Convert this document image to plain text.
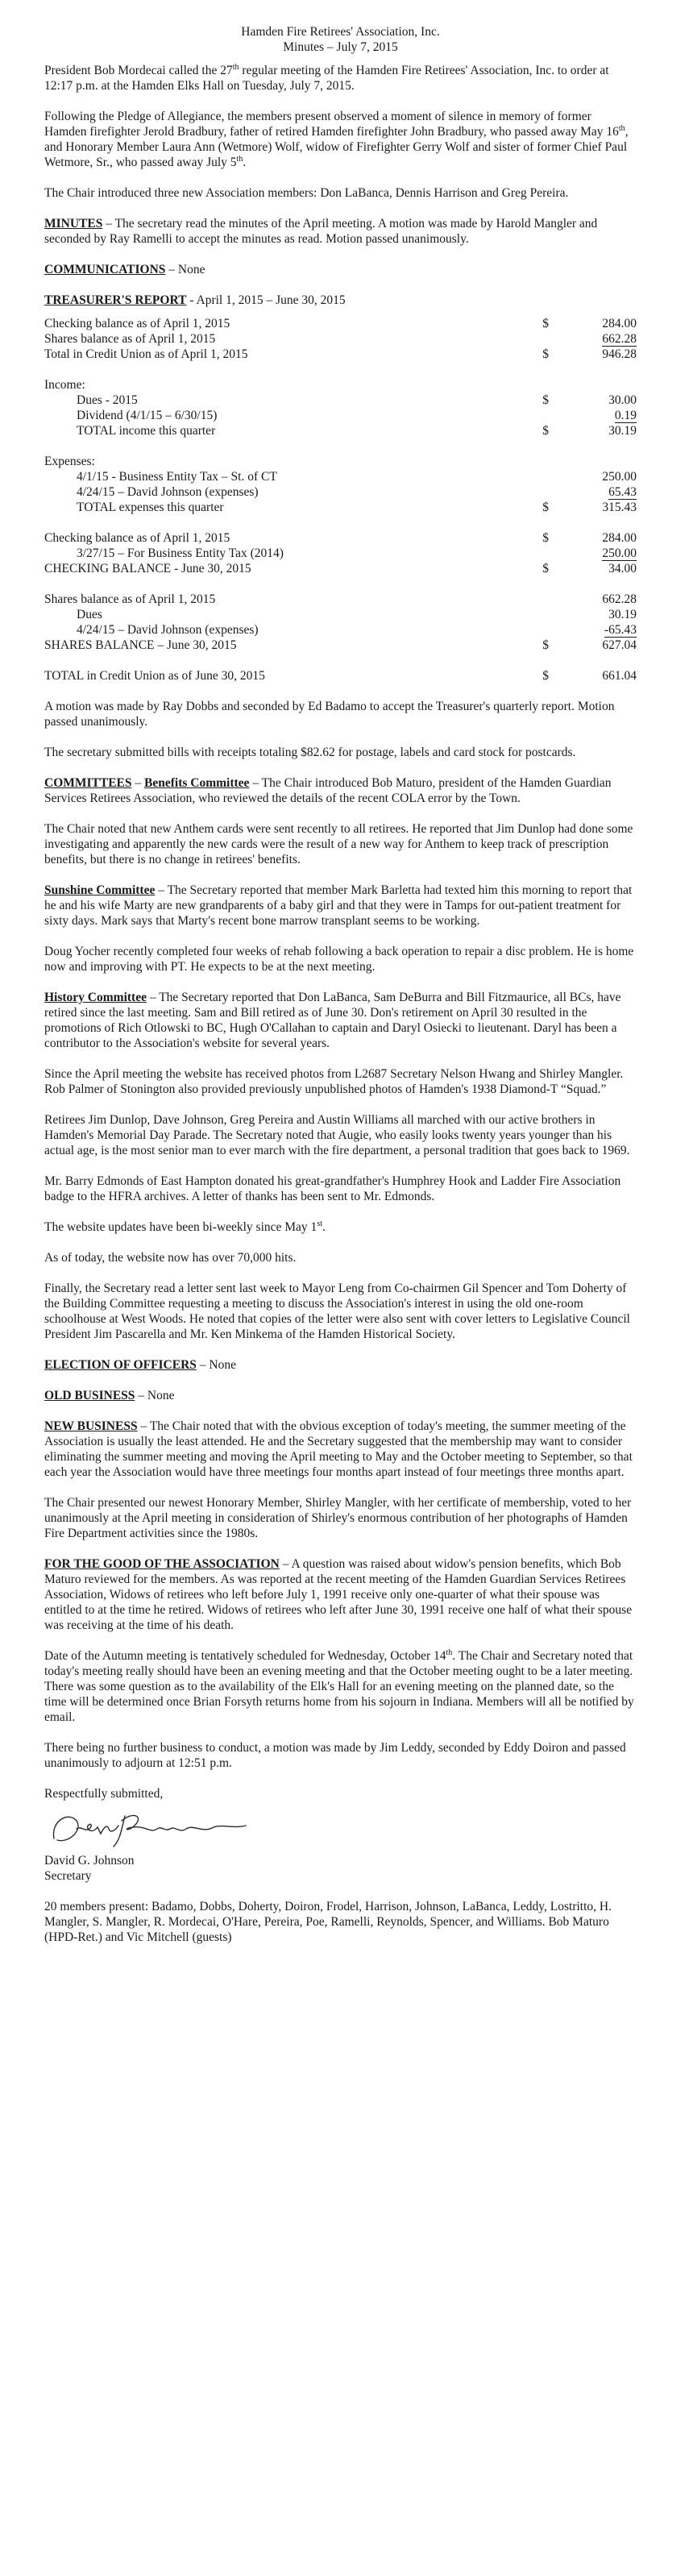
Hamden Fire Retirees' Association, Inc.
Minutes – July 7, 2015

President Bob Mordecai called the 27th regular meeting of the Hamden Fire Retirees' Association, Inc. to order at 12:17 p.m. at the Hamden Elks Hall on Tuesday, July 7, 2015.

Following the Pledge of Allegiance, the members present observed a moment of silence in memory of former Hamden firefighter Jerold Bradbury, father of retired Hamden firefighter John Bradbury, who passed away May 16th, and Honorary Member Laura Ann (Wetmore) Wolf, widow of Firefighter Gerry Wolf and sister of former Chief Paul Wetmore, Sr., who passed away July 5th.

The Chair introduced three new Association members: Don LaBanca, Dennis Harrison and Greg Pereira.

MINUTES – The secretary read the minutes of the April meeting. A motion was made by Harold Mangler and seconded by Ray Ramelli to accept the minutes as read. Motion passed unanimously.

COMMUNICATIONS – None

TREASURER'S REPORT - April 1, 2015 – June 30, 2015

Checking balance as of April 1, 2015	$	284.00
Shares balance as of April 1, 2015		662.28
Total in Credit Union as of April 1, 2015	$	946.28

Income:		
Dues - 2015	$	30.00
Dividend (4/1/15 – 6/30/15)		0.19
TOTAL income this quarter	$	30.19

Expenses:		
4/1/15 - Business Entity Tax – St. of CT		250.00
4/24/15 – David Johnson (expenses)		65.43
TOTAL expenses this quarter	$	315.43

Checking balance as of April 1, 2015	$	284.00
3/27/15 – For Business Entity Tax (2014)		250.00
CHECKING BALANCE - June 30, 2015	$	34.00

Shares balance as of April 1, 2015		662.28
Dues		30.19
4/24/15 – David Johnson (expenses)		-65.43
SHARES BALANCE – June 30, 2015	$	627.04

TOTAL in Credit Union as of June 30, 2015	$	661.04

A motion was made by Ray Dobbs and seconded by Ed Badamo to accept the Treasurer's quarterly report. Motion passed unanimously.

The secretary submitted bills with receipts totaling $82.62 for postage, labels and card stock for postcards.

COMMITTEES – Benefits Committee – The Chair introduced Bob Maturo, president of the Hamden Guardian Services Retirees Association, who reviewed the details of the recent COLA error by the Town.

The Chair noted that new Anthem cards were sent recently to all retirees. He reported that Jim Dunlop had done some investigating and apparently the new cards were the result of a new way for Anthem to keep track of prescription benefits, but there is no change in retirees' benefits.

Sunshine Committee – The Secretary reported that member Mark Barletta had texted him this morning to report that he and his wife Marty are new grandparents of a baby girl and that they were in Tamps for out-patient treatment for sixty days. Mark says that Marty's recent bone marrow transplant seems to be working.

Doug Yocher recently completed four weeks of rehab following a back operation to repair a disc problem. He is home now and improving with PT. He expects to be at the next meeting.

History Committee – The Secretary reported that Don LaBanca, Sam DeBurra and Bill Fitzmaurice, all BCs, have retired since the last meeting. Sam and Bill retired as of June 30. Don's retirement on April 30 resulted in the promotions of Rich Otlowski to BC, Hugh O'Callahan to captain and Daryl Osiecki to lieutenant. Daryl has been a contributor to the Association's website for several years.

Since the April meeting the website has received photos from L2687 Secretary Nelson Hwang and Shirley Mangler. Rob Palmer of Stonington also provided previously unpublished photos of Hamden's 1938 Diamond-T “Squad.”

Retirees Jim Dunlop, Dave Johnson, Greg Pereira and Austin Williams all marched with our active brothers in Hamden's Memorial Day Parade. The Secretary noted that Augie, who easily looks twenty years younger than his actual age, is the most senior man to ever march with the fire department, a personal tradition that goes back to 1969.

Mr. Barry Edmonds of East Hampton donated his great-grandfather's Humphrey Hook and Ladder Fire Association badge to the HFRA archives. A letter of thanks has been sent to Mr. Edmonds.

The website updates have been bi-weekly since May 1st.

As of today, the website now has over 70,000 hits.

Finally, the Secretary read a letter sent last week to Mayor Leng from Co-chairmen Gil Spencer and Tom Doherty of the Building Committee requesting a meeting to discuss the Association's interest in using the old one-room schoolhouse at West Woods. He noted that copies of the letter were also sent with cover letters to Legislative Council President Jim Pascarella and Mr. Ken Minkema of the Hamden Historical Society.

ELECTION OF OFFICERS – None

OLD BUSINESS – None

NEW BUSINESS – The Chair noted that with the obvious exception of today's meeting, the summer meeting of the Association is usually the least attended. He and the Secretary suggested that the membership may want to consider eliminating the summer meeting and moving the April meeting to May and the October meeting to September, so that each year the Association would have three meetings four months apart instead of four meetings three months apart.

The Chair presented our newest Honorary Member, Shirley Mangler, with her certificate of membership, voted to her unanimously at the April meeting in consideration of Shirley's enormous contribution of her photographs of Hamden Fire Department activities since the 1980s.

FOR THE GOOD OF THE ASSOCIATION – A question was raised about widow's pension benefits, which Bob Maturo reviewed for the members. As was reported at the recent meeting of the Hamden Guardian Services Retirees Association, Widows of retirees who left before July 1, 1991 receive only one-quarter of what their spouse was entitled to at the time he retired. Widows of retirees who left after June 30, 1991 receive one half of what their spouse was receiving at the time of his death.

Date of the Autumn meeting is tentatively scheduled for Wednesday, October 14th. The Chair and Secretary noted that today's meeting really should have been an evening meeting and that the October meeting ought to be a later meeting. There was some question as to the availability of the Elk's Hall for an evening meeting on the planned date, so the time will be determined once Brian Forsyth returns home from his sojourn in Indiana. Members will all be notified by email.

There being no further business to conduct, a motion was made by Jim Leddy, seconded by Eddy Doiron and passed unanimously to adjourn at 12:51 p.m.

Respectfully submitted,
David G. Johnson
Secretary

20 members present: Badamo, Dobbs, Doherty, Doiron, Frodel, Harrison, Johnson, LaBanca, Leddy, Lostritto, H. Mangler, S. Mangler, R. Mordecai, O'Hare, Pereira, Poe, Ramelli, Reynolds, Spencer, and Williams. Bob Maturo (HPD-Ret.) and Vic Mitchell (guests)
